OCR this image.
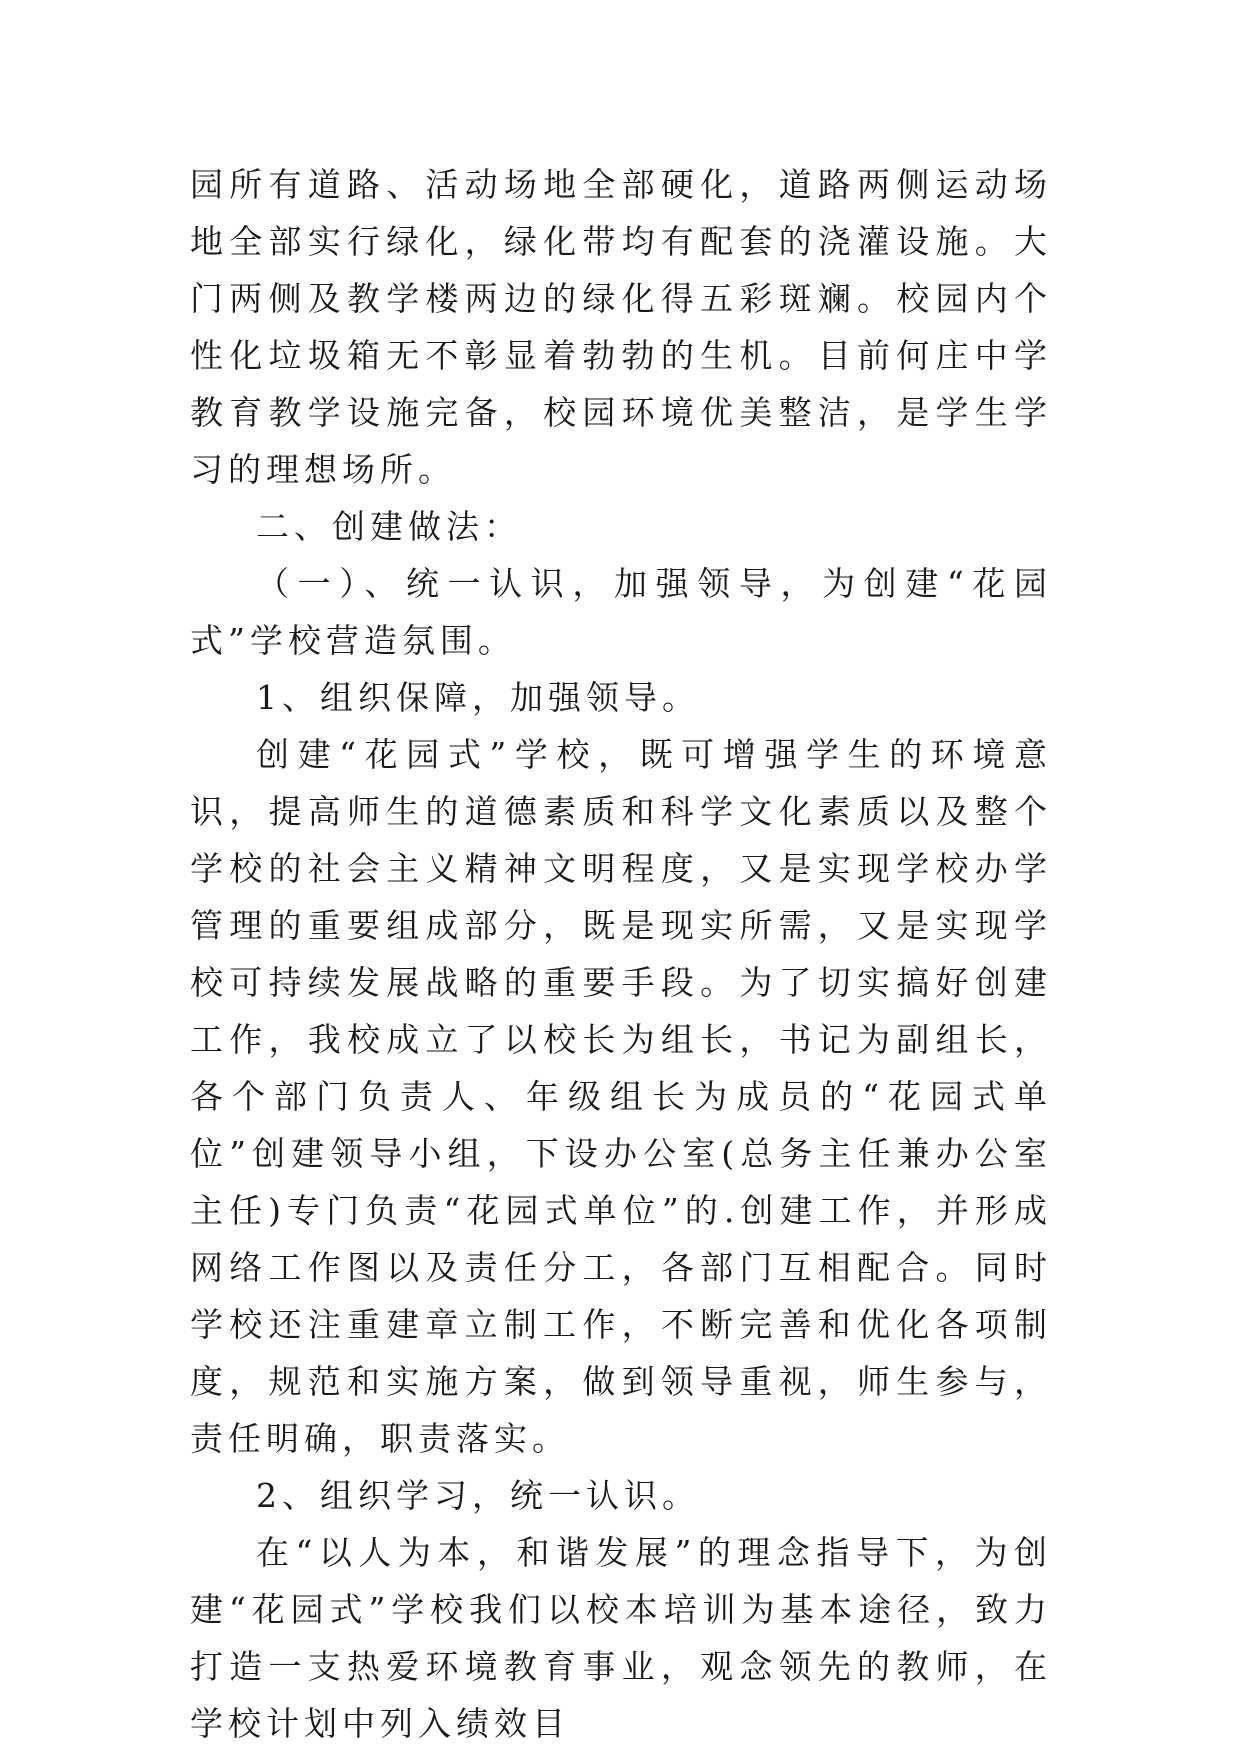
园所有道路、活动场地全部硬化，道路两侧运动场地全部实行绿化，绿化带均有配套的浇灌设施。大门两侧及教学楼两边的绿化得五彩斑斓。校园内个性化垃圾箱无不彰显着勃勃的生机。目前何庄中学教育教学设施完备，校园环境优美整洁，是学生学习的理想场所。

二、创建做法：

（一）、统一认识，加强领导，为创建“花园式”学校营造氛围。

1、组织保障，加强领导。

创建“花园式”学校，既可增强学生的环境意识，提高师生的道德素质和科学文化素质以及整个学校的社会主义精神文明程度，又是实现学校办学管理的重要组成部分，既是现实所需，又是实现学校可持续发展战略的重要手段。为了切实搞好创建工作，我校成立了以校长为组长，书记为副组长，各个部门负责人、年级组长为成员的“花园式单位”创建领导小组，下设办公室(总务主任兼办公室主任)专门负责“花园式单位”的.创建工作，并形成网络工作图以及责任分工，各部门互相配合。同时学校还注重建章立制工作，不断完善和优化各项制度，规范和实施方案，做到领导重视，师生参与，责任明确，职责落实。

2、组织学习，统一认识。

在“以人为本，和谐发展”的理念指导下，为创建“花园式”学校我们以校本培训为基本途径，致力打造一支热爱环境教育事业，观念领先的教师，在学校计划中列入绩效目
